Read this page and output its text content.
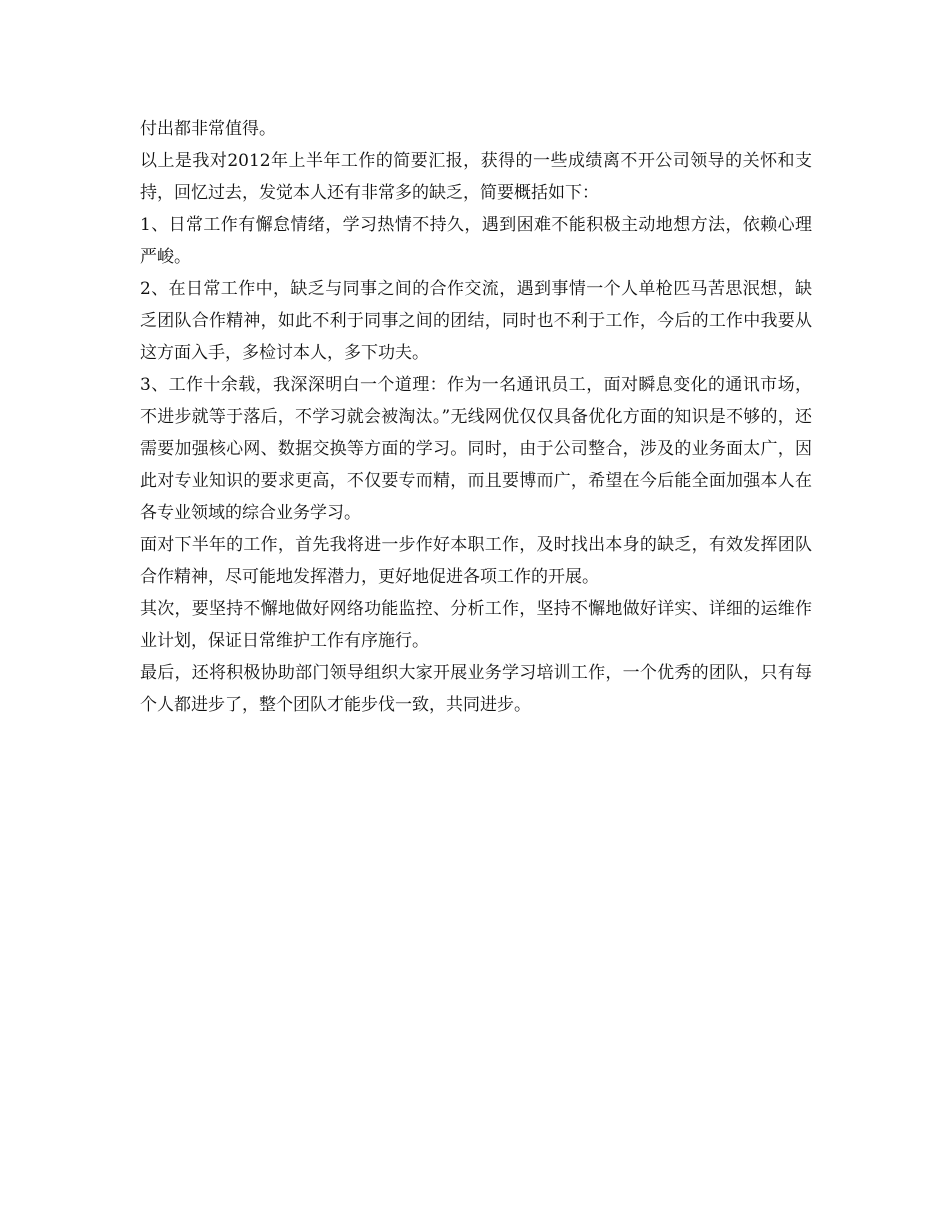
付出都非常值得。

以上是我对2012年上半年工作的简要汇报，获得的一些成绩离不开公司领导的关怀和支持，回忆过去，发觉本人还有非常多的缺乏，简要概括如下：

1、日常工作有懈怠情绪，学习热情不持久，遇到困难不能积极主动地想方法，依赖心理严峻。

2、在日常工作中，缺乏与同事之间的合作交流，遇到事情一个人单枪匹马苦思泯想，缺乏团队合作精神，如此不利于同事之间的团结，同时也不利于工作，今后的工作中我要从这方面入手，多检讨本人，多下功夫。

3、工作十余载，我深深明白一个道理：作为一名通讯员工，面对瞬息变化的通讯市场，不进步就等于落后，不学习就会被淘汰。”无线网优仅仅具备优化方面的知识是不够的，还需要加强核心网、数据交换等方面的学习。同时，由于公司整合，涉及的业务面太广，因此对专业知识的要求更高，不仅要专而精，而且要博而广，希望在今后能全面加强本人在各专业领域的综合业务学习。

面对下半年的工作，首先我将进一步作好本职工作，及时找出本身的缺乏，有效发挥团队合作精神，尽可能地发挥潜力，更好地促进各项工作的开展。

其次，要坚持不懈地做好网络功能监控、分析工作，坚持不懈地做好详实、详细的运维作业计划，保证日常维护工作有序施行。

最后，还将积极协助部门领导组织大家开展业务学习培训工作，一个优秀的团队，只有每个人都进步了，整个团队才能步伐一致，共同进步。
